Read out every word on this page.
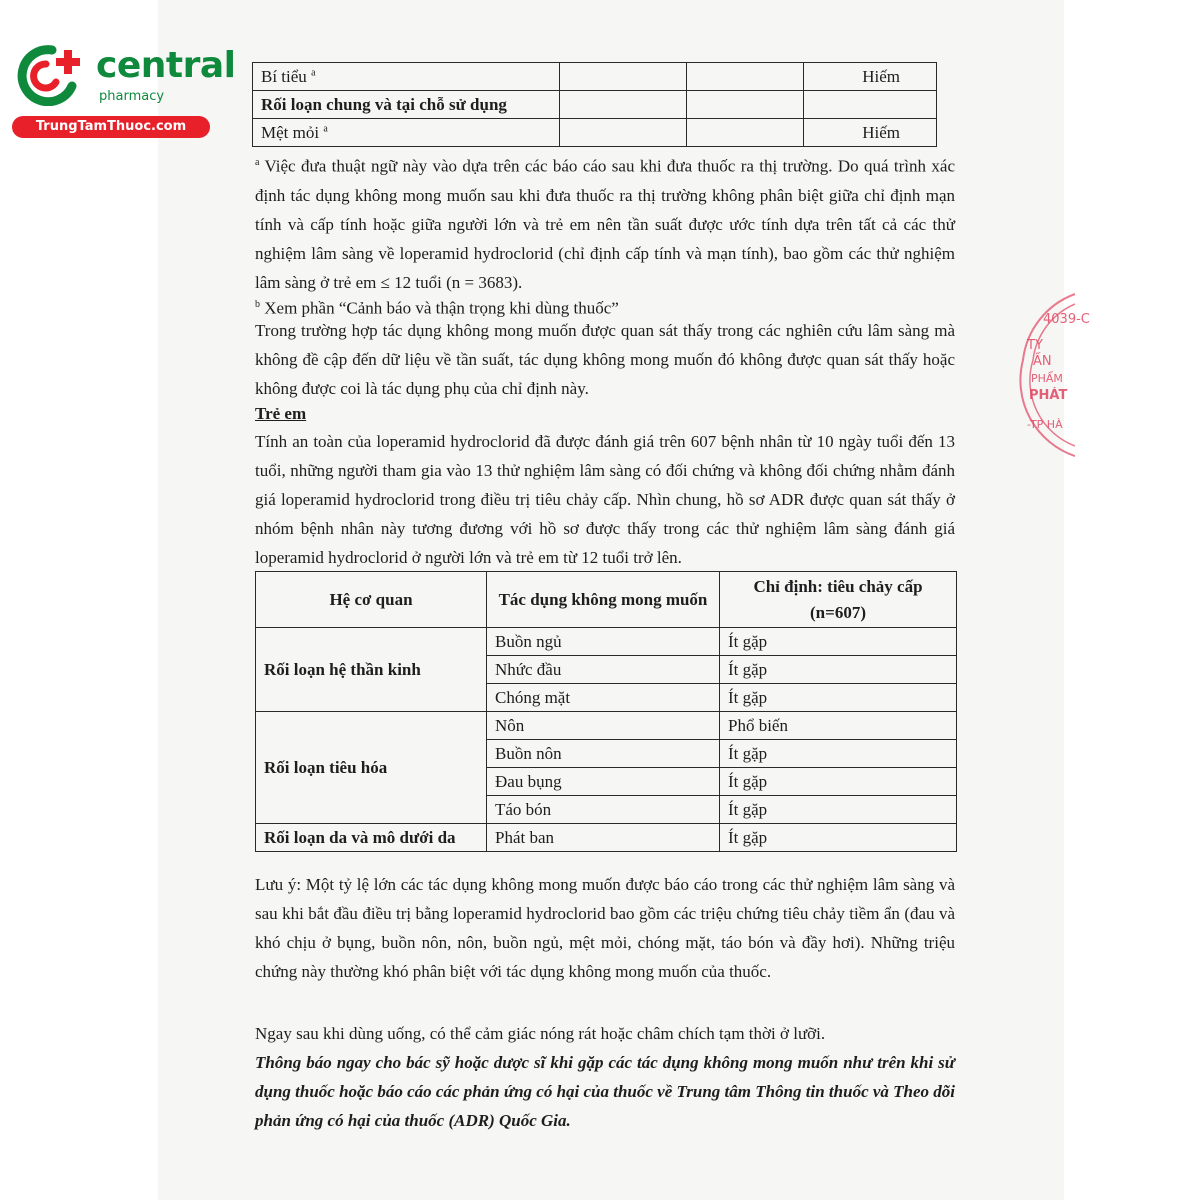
central
pharmacy
TrungTamThuoc.com
4039-C
TY
ẤN
PHẨM
PHÁT
-TP HÀ
Bí tiểu $^a$			Hiếm
Rối loạn chung và tại chỗ sử dụng			
Mệt mỏi $^a$			Hiếm

$^a$ Việc đưa thuật ngữ này vào dựa trên các báo cáo sau khi đưa thuốc ra thị trường. Do quá trình xác định tác dụng không mong muốn sau khi đưa thuốc ra thị trường không phân biệt giữa chỉ định mạn tính và cấp tính hoặc giữa người lớn và trẻ em nên tần suất được ước tính dựa trên tất cả các thử nghiệm lâm sàng về loperamid hydroclorid (chỉ định cấp tính và mạn tính), bao gồm các thử nghiệm lâm sàng ở trẻ em ≤ 12 tuổi (n = 3683).

$^b$ Xem phần “Cảnh báo và thận trọng khi dùng thuốc”

Trong trường hợp tác dụng không mong muốn được quan sát thấy trong các nghiên cứu lâm sàng mà không đề cập đến dữ liệu về tần suất, tác dụng không mong muốn đó không được quan sát thấy hoặc không được coi là tác dụng phụ của chỉ định này.

Trẻ em

Tính an toàn của loperamid hydroclorid đã được đánh giá trên 607 bệnh nhân từ 10 ngày tuổi đến 13 tuổi, những người tham gia vào 13 thử nghiệm lâm sàng có đối chứng và không đối chứng nhằm đánh giá loperamid hydroclorid trong điều trị tiêu chảy cấp. Nhìn chung, hồ sơ ADR được quan sát thấy ở nhóm bệnh nhân này tương đương với hồ sơ được thấy trong các thử nghiệm lâm sàng đánh giá loperamid hydroclorid ở người lớn và trẻ em từ 12 tuổi trở lên.

Hệ cơ quan	Tác dụng không mong muốn	Chỉ định: tiêu chảy cấp (n=607)
Rối loạn hệ thần kinh	Buồn ngủ	Ít gặp
	Nhức đầu	Ít gặp
	Chóng mặt	Ít gặp
Rối loạn tiêu hóa	Nôn	Phổ biến
	Buồn nôn	Ít gặp
	Đau bụng	Ít gặp
	Táo bón	Ít gặp
Rối loạn da và mô dưới da	Phát ban	Ít gặp

Lưu ý: Một tỷ lệ lớn các tác dụng không mong muốn được báo cáo trong các thử nghiệm lâm sàng và sau khi bắt đầu điều trị bằng loperamid hydroclorid bao gồm các triệu chứng tiêu chảy tiềm ẩn (đau và khó chịu ở bụng, buồn nôn, nôn, buồn ngủ, mệt mỏi, chóng mặt, táo bón và đầy hơi). Những triệu chứng này thường khó phân biệt với tác dụng không mong muốn của thuốc.

Ngay sau khi dùng uống, có thể cảm giác nóng rát hoặc châm chích tạm thời ở lưỡi.

Thông báo ngay cho bác sỹ hoặc dược sĩ khi gặp các tác dụng không mong muốn như trên khi sử dụng thuốc hoặc báo cáo các phản ứng có hại của thuốc về Trung tâm Thông tin thuốc và Theo dõi phản ứng có hại của thuốc (ADR) Quốc Gia.
